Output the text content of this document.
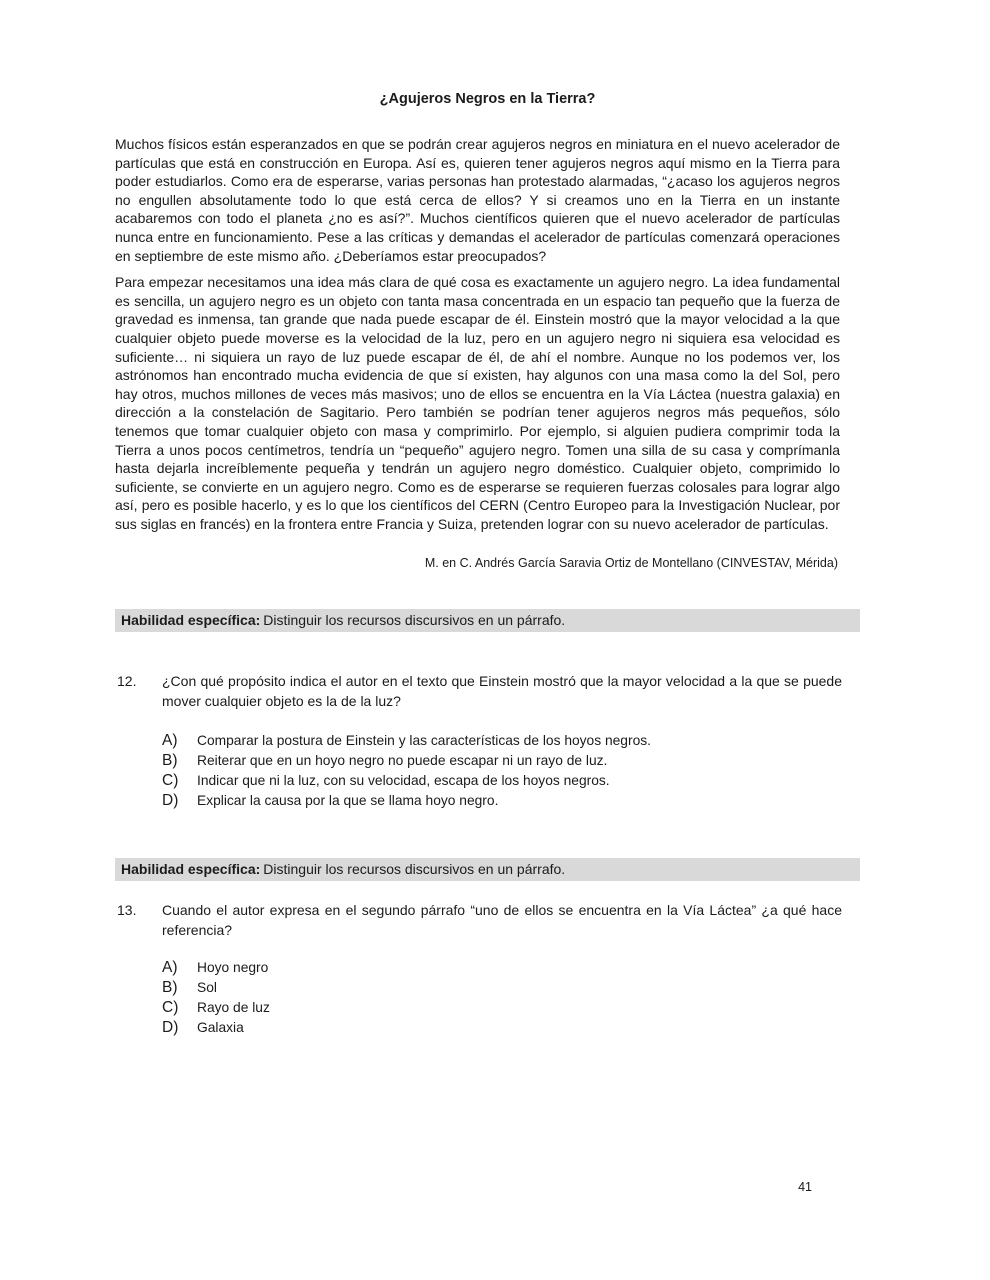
¿Agujeros Negros en la Tierra?
Muchos físicos están esperanzados en que se podrán crear agujeros negros en miniatura en el nuevo acelerador de partículas que está en construcción en Europa. Así es, quieren tener agujeros negros aquí mismo en la Tierra para poder estudiarlos. Como era de esperarse, varias personas han protestado alarmadas, “¿acaso los agujeros negros no engullen absolutamente todo lo que está cerca de ellos? Y si creamos uno en la Tierra en un instante acabaremos con todo el planeta ¿no es así?”. Muchos científicos quieren que el nuevo acelerador de partículas nunca entre en funcionamiento. Pese a las críticas y demandas el acelerador de partículas comenzará operaciones en septiembre de este mismo año. ¿Deberíamos estar preocupados?
Para empezar necesitamos una idea más clara de qué cosa es exactamente un agujero negro. La idea fundamental es sencilla, un agujero negro es un objeto con tanta masa concentrada en un espacio tan pequeño que la fuerza de gravedad es inmensa, tan grande que nada puede escapar de él. Einstein mostró que la mayor velocidad a la que cualquier objeto puede moverse es la velocidad de la luz, pero en un agujero negro ni siquiera esa velocidad es suficiente… ni siquiera un rayo de luz puede escapar de él, de ahí el nombre. Aunque no los podemos ver, los astrónomos han encontrado mucha evidencia de que sí existen, hay algunos con una masa como la del Sol, pero hay otros, muchos millones de veces más masivos; uno de ellos se encuentra en la Vía Láctea (nuestra galaxia) en dirección a la constelación de Sagitario. Pero también se podrían tener agujeros negros más pequeños, sólo tenemos que tomar cualquier objeto con masa y comprimirlo. Por ejemplo, si alguien pudiera comprimir toda la Tierra a unos pocos centímetros, tendría un “pequeño” agujero negro. Tomen una silla de su casa y comprímanla hasta dejarla increíblemente pequeña y tendrán un agujero negro doméstico. Cualquier objeto, comprimido lo suficiente, se convierte en un agujero negro. Como es de esperarse se requieren fuerzas colosales para lograr algo así, pero es posible hacerlo, y es lo que los científicos del CERN (Centro Europeo para la Investigación Nuclear, por sus siglas en francés) en la frontera entre Francia y Suiza, pretenden lograr con su nuevo acelerador de partículas.
M. en C. Andrés García Saravia Ortiz de Montellano (CINVESTAV, Mérida)
Habilidad específica: Distinguir los recursos discursivos en un párrafo.
12. ¿Con qué propósito indica el autor en el texto que Einstein mostró que la mayor velocidad a la que se puede mover cualquier objeto es la de la luz?
A)	Comparar la postura de Einstein y las características de los hoyos negros.
B)	Reiterar que en un hoyo negro no puede escapar ni un rayo de luz.
C)	Indicar que ni la luz, con su velocidad, escapa de los hoyos negros.
D)	Explicar la causa por la que se llama hoyo negro.
Habilidad específica: Distinguir los recursos discursivos en un párrafo.
13. Cuando el autor expresa en el segundo párrafo “uno de ellos se encuentra en la Vía Láctea” ¿a qué hace referencia?
A)	Hoyo negro
B)	Sol
C)	Rayo de luz
D)	Galaxia
41
